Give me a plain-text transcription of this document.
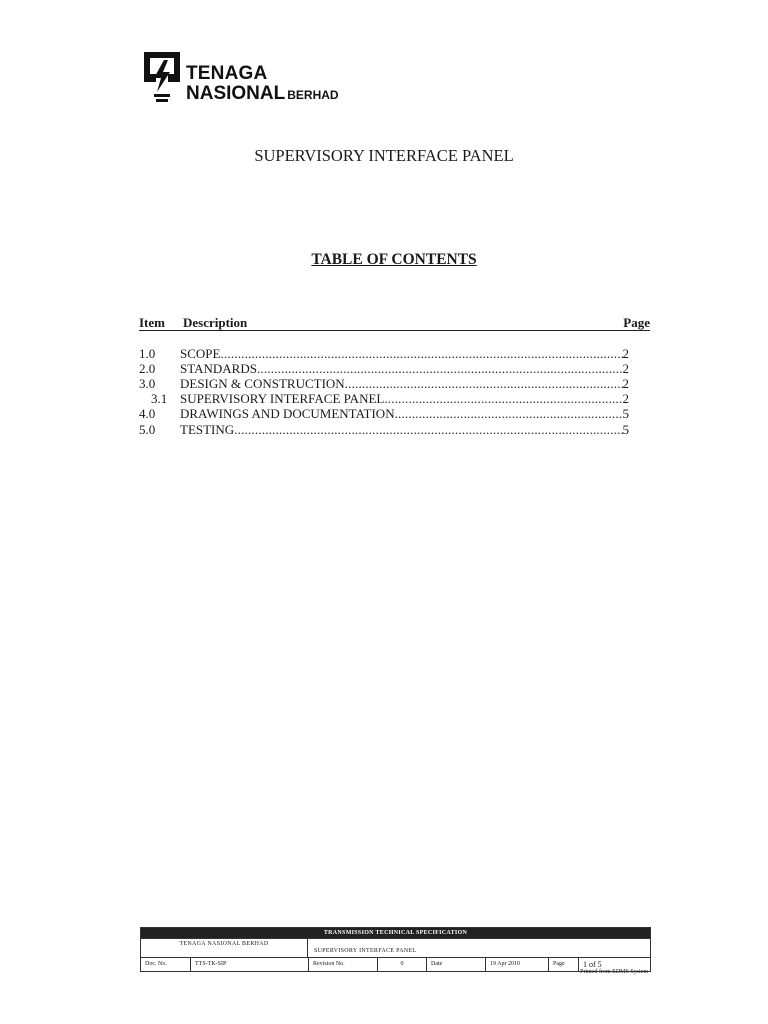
TENAGA
NASIONAL BERHAD
SUPERVISORY INTERFACE PANEL
TABLE OF CONTENTS
Item Description	Page
1.0 SCOPE .....	2
2.0 STANDARDS .....	2
3.0 DESIGN & CONSTRUCTION .....	2
3.1 SUPERVISORY INTERFACE PANEL .....	2
4.0 DRAWINGS AND DOCUMENTATION .....	5
5.0 TESTING .....	5
TRANSMISSION TECHNICAL SPECIFICATION
TENAGA NASIONAL BERHAD
SUPERVISORY INTERFACE PANEL
Doc. No.	TTS-TK-SIP	Revision No.	0	Date	19 Apr 2010	Page	1 of 5
Printed from EDMS System
